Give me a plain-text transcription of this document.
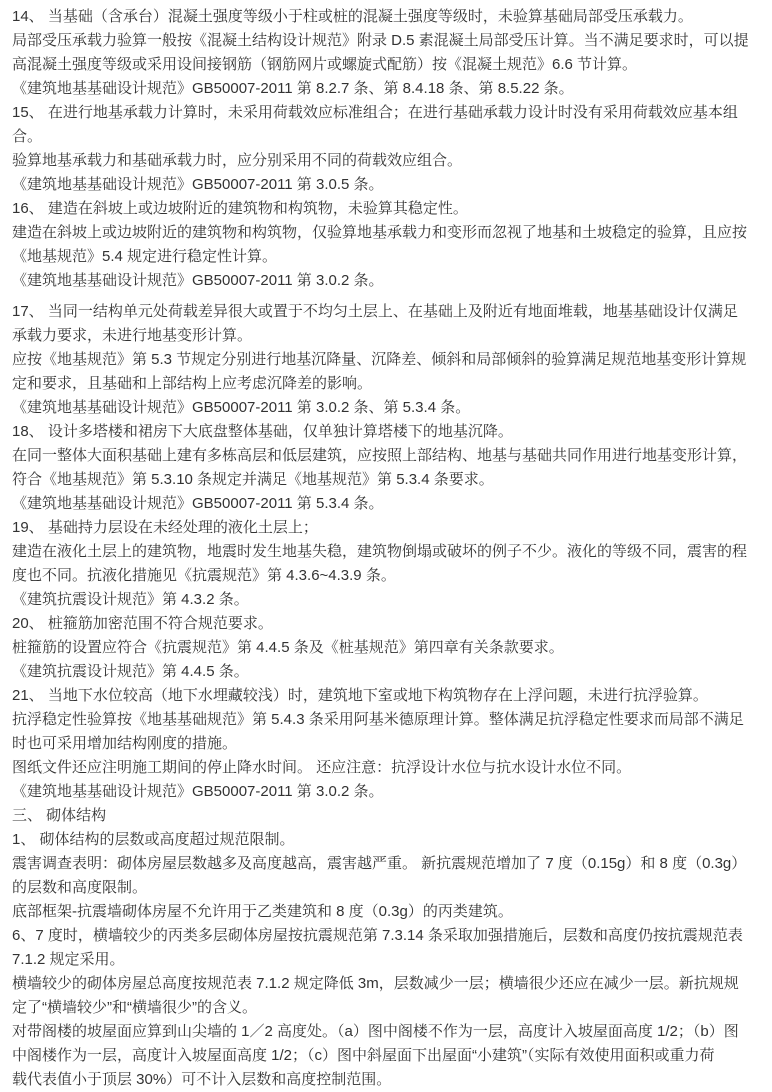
14、 当基础（含承台）混凝土强度等级小于柱或桩的混凝土强度等级时，未验算基础局部受压承载力。
局部受压承载力验算一般按《混凝土结构设计规范》附录 D.5 素混凝土局部受压计算。当不满足要求时，可以提
高混凝土强度等级或采用设间接钢筋（钢筋网片或螺旋式配筋）按《混凝土规范》6.6 节计算。
《建筑地基基础设计规范》GB50007-2011 第 8.2.7 条、第 8.4.18 条、第 8.5.22 条。
15、 在进行地基承载力计算时，未采用荷载效应标准组合；在进行基础承载力设计时没有采用荷载效应基本组
合。
验算地基承载力和基础承载力时，应分别采用不同的荷载效应组合。
《建筑地基基础设计规范》GB50007-2011 第 3.0.5 条。
16、 建造在斜坡上或边坡附近的建筑物和构筑物，未验算其稳定性。
建造在斜坡上或边坡附近的建筑物和构筑物，仅验算地基承载力和变形而忽视了地基和土坡稳定的验算，且应按
《地基规范》5.4 规定进行稳定性计算。
《建筑地基基础设计规范》GB50007-2011 第 3.0.2 条。
17、 当同一结构单元处荷载差异很大或置于不均匀土层上、在基础上及附近有地面堆载，地基基础设计仅满足
承载力要求，未进行地基变形计算。
应按《地基规范》第 5.3 节规定分别进行地基沉降量、沉降差、倾斜和局部倾斜的验算满足规范地基变形计算规
定和要求，且基础和上部结构上应考虑沉降差的影响。
《建筑地基基础设计规范》GB50007-2011 第 3.0.2 条、第 5.3.4 条。
18、 设计多塔楼和裙房下大底盘整体基础，仅单独计算塔楼下的地基沉降。
在同一整体大面积基础上建有多栋高层和低层建筑，应按照上部结构、地基与基础共同作用进行地基变形计算，
符合《地基规范》第 5.3.10 条规定并满足《地基规范》第 5.3.4 条要求。
《建筑地基基础设计规范》GB50007-2011 第 5.3.4 条。
19、 基础持力层设在未经处理的液化土层上；
建造在液化土层上的建筑物，地震时发生地基失稳，建筑物倒塌或破坏的例子不少。液化的等级不同，震害的程
度也不同。抗液化措施见《抗震规范》第 4.3.6~4.3.9 条。
《建筑抗震设计规范》第 4.3.2 条。
20、 桩箍筋加密范围不符合规范要求。
桩箍筋的设置应符合《抗震规范》第 4.4.5 条及《桩基规范》第四章有关条款要求。
《建筑抗震设计规范》第 4.4.5 条。
21、 当地下水位较高（地下水埋藏较浅）时，建筑地下室或地下构筑物存在上浮问题，未进行抗浮验算。
抗浮稳定性验算按《地基基础规范》第 5.4.3 条采用阿基米德原理计算。整体满足抗浮稳定性要求而局部不满足
时也可采用增加结构刚度的措施。
图纸文件还应注明施工期间的停止降水时间。 还应注意：抗浮设计水位与抗水设计水位不同。
《建筑地基基础设计规范》GB50007-2011 第 3.0.2 条。
三、 砌体结构
1、 砌体结构的层数或高度超过规范限制。
震害调查表明：砌体房屋层数越多及高度越高，震害越严重。 新抗震规范增加了 7 度（0.15g）和 8 度（0.3g）
的层数和高度限制。
底部框架-抗震墙砌体房屋不允许用于乙类建筑和 8 度（0.3g）的丙类建筑。
6、7 度时，横墙较少的丙类多层砌体房屋按抗震规范第 7.3.14 条采取加强措施后，层数和高度仍按抗震规范表
7.1.2 规定采用。
横墙较少的砌体房屋总高度按规范表 7.1.2 规定降低 3m，层数减少一层；横墙很少还应在减少一层。新抗规规
定了“横墙较少”和“横墙很少”的含义。
对带阁楼的坡屋面应算到山尖墙的 1／2 高度处。（a）图中阁楼不作为一层，高度计入坡屋面高度 1/2；（b）图
中阁楼作为一层，高度计入坡屋面高度 1/2；（c）图中斜屋面下出屋面“小建筑”（实际有效使用面积或重力荷
载代表值小于顶层 30%）可不计入层数和高度控制范围。
